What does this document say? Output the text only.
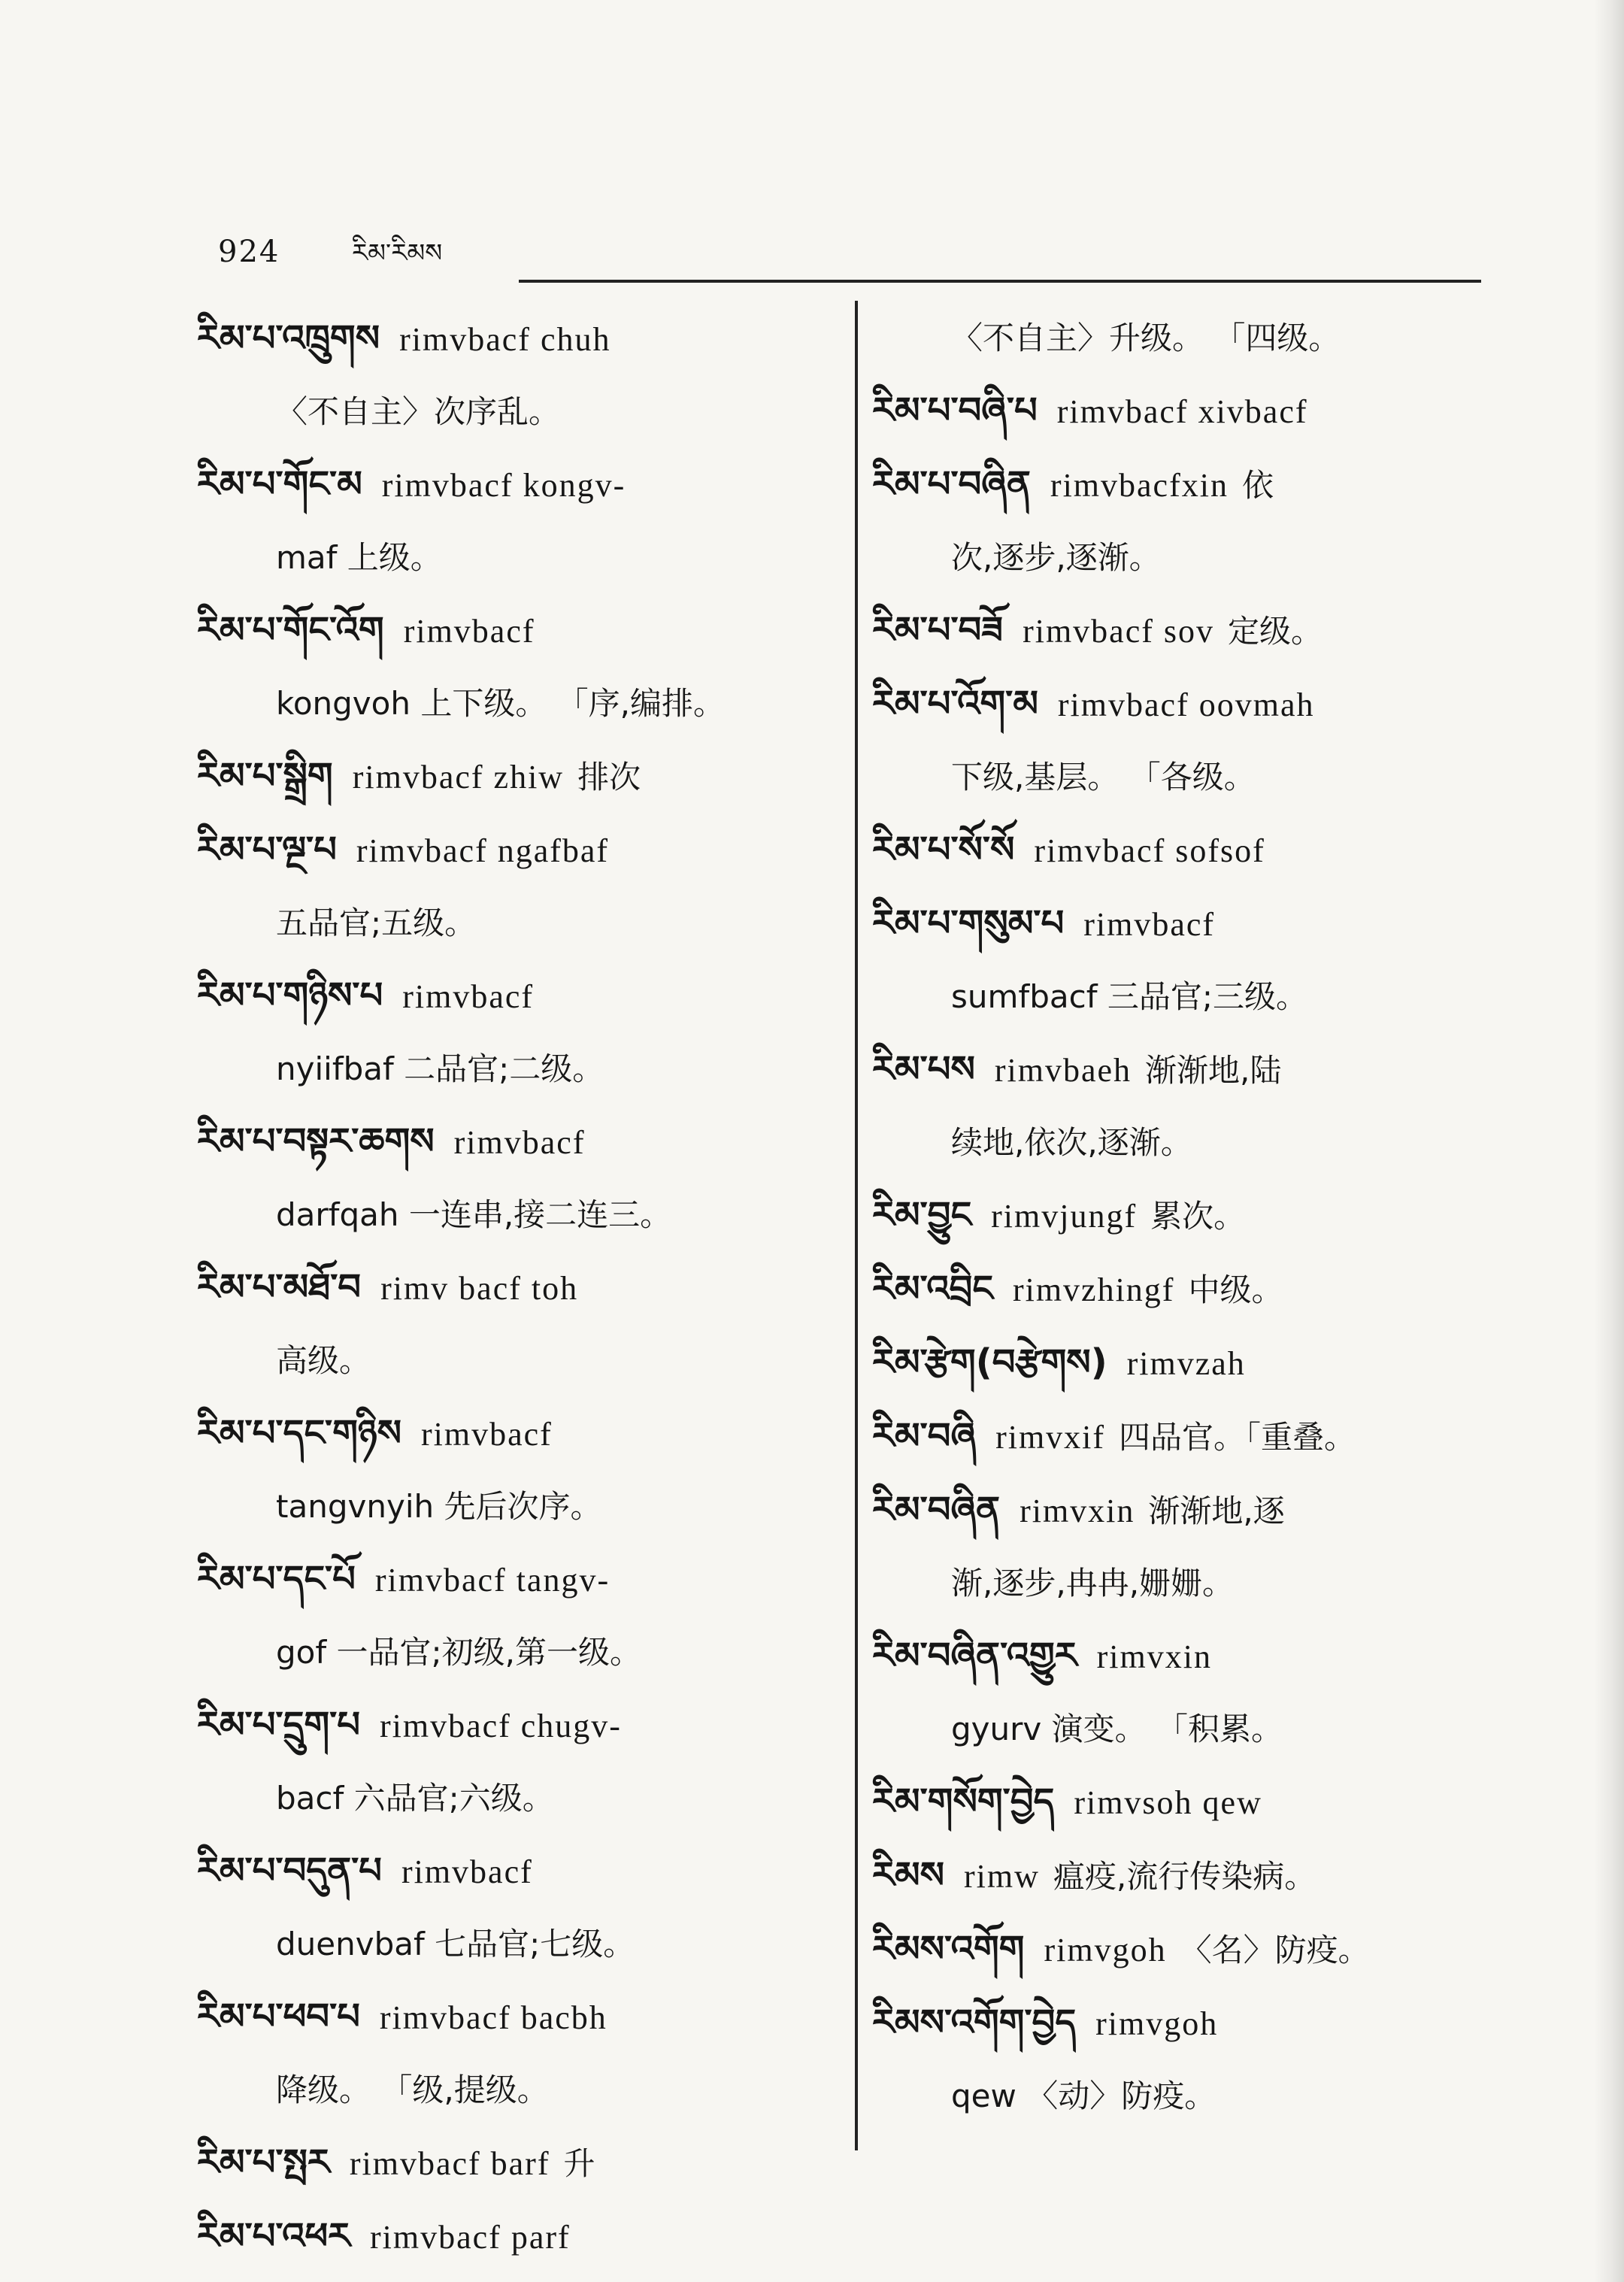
924	རིམ་རིམས
རིམ་པ་འཁྲུགས rimvbacf chuh
〈不自主〉次序乱。
རིམ་པ་གོང་མ rimvbacf kongv-
maf 上级。
རིམ་པ་གོང་འོག rimvbacf
kongvoh 上下级。 「序,编排。
རིམ་པ་སྒྲིག rimvbacf zhiw 排次
རིམ་པ་ལྔ་པ rimvbacf ngafbaf
五品官;五级。
རིམ་པ་གཉིས་པ rimvbacf
nyiifbaf 二品官;二级。
རིམ་པ་བསྟར་ཆགས rimvbacf
darfqah 一连串,接二连三。
རིམ་པ་མཐོ་བ rimv bacf toh
高级。
རིམ་པ་དང་གཉིས rimvbacf
tangvnyih 先后次序。
རིམ་པ་དང་པོ rimvbacf tangv-
gof 一品官;初级,第一级。
རིམ་པ་དྲུག་པ rimvbacf chugv-
bacf 六品官;六级。
རིམ་པ་བདུན་པ rimvbacf
duenvbaf 七品官;七级。
རིམ་པ་ཕབ་པ rimvbacf bacbh
降级。 「级,提级。
རིམ་པ་སྤར rimvbacf barf 升
རིམ་པ་འཕར rimvbacf parf
〈不自主〉升级。 「四级。
རིམ་པ་བཞི་པ rimvbacf xivbacf
རིམ་པ་བཞིན rimvbacfxin 依
次,逐步,逐渐。
རིམ་པ་བཟོ rimvbacf sov 定级。
རིམ་པ་འོག་མ rimvbacf oovmah
下级,基层。 「各级。
རིམ་པ་སོ་སོ rimvbacf sofsof
རིམ་པ་གསུམ་པ rimvbacf
sumfbacf 三品官;三级。
རིམ་པས rimvbaeh 渐渐地,陆
续地,依次,逐渐。
རིམ་བྱུང rimvjungf 累次。
རིམ་འབྲིང rimvzhingf 中级。
རིམ་རྩེག(བརྩེགས) rimvzah
རིམ་བཞི rimvxif 四品官。「重叠。
རིམ་བཞིན rimvxin 渐渐地,逐
渐,逐步,冉冉,姗姗。
རིམ་བཞིན་འགྱུར rimvxin
gyurv 演变。 「积累。
རིམ་གསོག་བྱེད rimvsoh qew
རིམས rimw 瘟疫,流行传染病。
རིམས་འགོག rimvgoh 〈名〉防疫。
རིམས་འགོག་བྱེད rimvgoh
qew 〈动〉防疫。
